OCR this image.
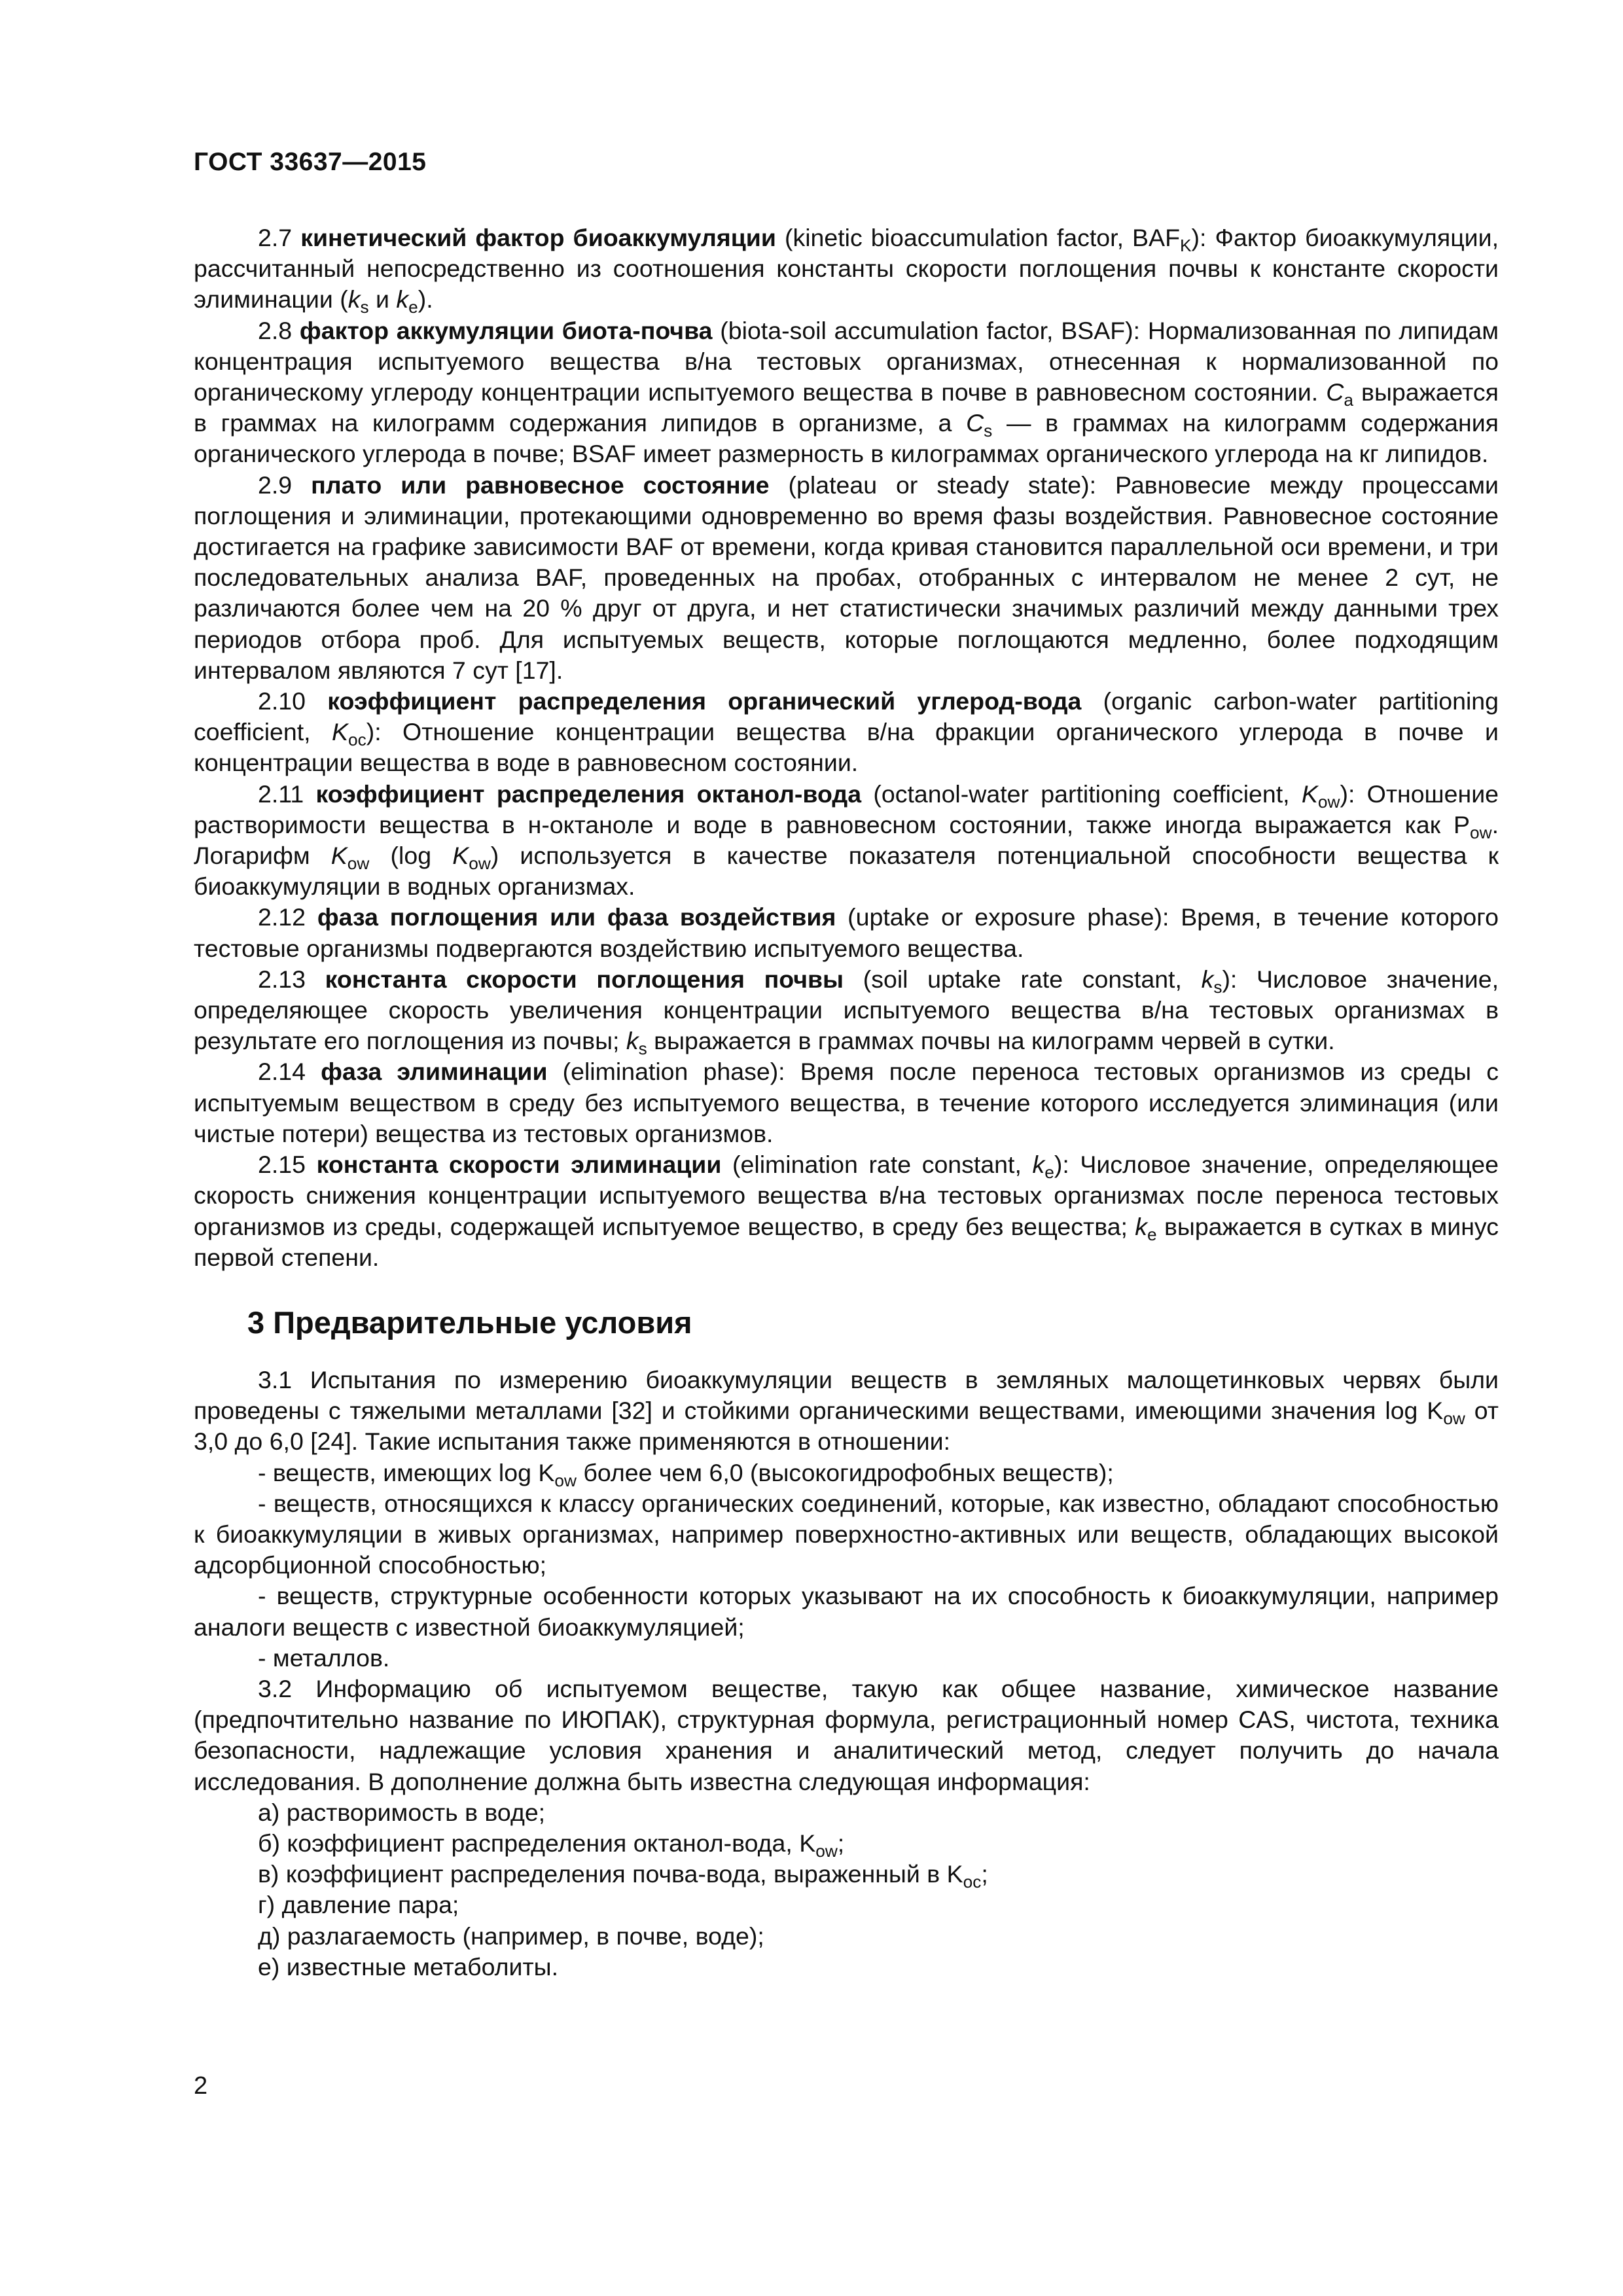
ГОСТ 33637—2015

2.7 кинетический фактор биоаккумуляции (kinetic bioaccumulation factor, $BAF_K$): Фактор биоаккумуляции, рассчитанный непосредственно из соотношения константы скорости поглощения почвы к константе скорости элиминации ($k_s$ и $k_e$).

2.8 фактор аккумуляции биота-почва (biota-soil accumulation factor, BSAF): Нормализованная по липидам концентрация испытуемого вещества в/на тестовых организмах, отнесенная к нормализованной по органическому углероду концентрации испытуемого вещества в почве в равновесном состоянии. $C_a$ выражается в граммах на килограмм содержания липидов в организме, а $C_s$ — в граммах на килограмм содержания органического углерода в почве; BSAF имеет размерность в килограммах органического углерода на кг липидов.

2.9 плато или равновесное состояние (plateau or steady state): Равновесие между процессами поглощения и элиминации, протекающими одновременно во время фазы воздействия. Равновесное состояние достигается на графике зависимости BAF от времени, когда кривая становится параллельной оси времени, и три последовательных анализа BAF, проведенных на пробах, отобранных с интервалом не менее 2 сут, не различаются более чем на 20 % друг от друга, и нет статистически значимых различий между данными трех периодов отбора проб. Для испытуемых веществ, которые поглощаются медленно, более подходящим интервалом являются 7 сут [17].

2.10 коэффициент распределения органический углерод-вода (organic carbon-water partitioning coefficient, $K_{oc}$): Отношение концентрации вещества в/на фракции органического углерода в почве и концентрации вещества в воде в равновесном состоянии.

2.11 коэффициент распределения октанол-вода (octanol-water partitioning coefficient, $K_{ow}$): Отношение растворимости вещества в н-октаноле и воде в равновесном состоянии, также иногда выражается как $P_{ow}$. Логарифм $K_{ow}$ (log $K_{ow}$) используется в качестве показателя потенциальной способности вещества к биоаккумуляции в водных организмах.

2.12 фаза поглощения или фаза воздействия (uptake or exposure phase): Время, в течение которого тестовые организмы подвергаются воздействию испытуемого вещества.

2.13 константа скорости поглощения почвы (soil uptake rate constant, $k_s$): Числовое значение, определяющее скорость увеличения концентрации испытуемого вещества в/на тестовых организмах в результате его поглощения из почвы; $k_s$ выражается в граммах почвы на килограмм червей в сутки.

2.14 фаза элиминации (elimination phase): Время после переноса тестовых организмов из среды с испытуемым веществом в среду без испытуемого вещества, в течение которого исследуется элиминация (или чистые потери) вещества из тестовых организмов.

2.15 константа скорости элиминации (elimination rate constant, $k_e$): Числовое значение, определяющее скорость снижения концентрации испытуемого вещества в/на тестовых организмах после переноса тестовых организмов из среды, содержащей испытуемое вещество, в среду без вещества; $k_e$ выражается в сутках в минус первой степени.

3 Предварительные условия

3.1 Испытания по измерению биоаккумуляции веществ в земляных малощетинковых червях были проведены с тяжелыми металлами [32] и стойкими органическими веществами, имеющими значения $\log K_{ow}$ от 3,0 до 6,0 [24]. Такие испытания также применяются в отношении:

- веществ, имеющих $\log K_{ow}$ более чем 6,0 (высокогидрофобных веществ);

- веществ, относящихся к классу органических соединений, которые, как известно, обладают способностью к биоаккумуляции в живых организмах, например поверхностно-активных или веществ, обладающих высокой адсорбционной способностью;

- веществ, структурные особенности которых указывают на их способность к биоаккумуляции, например аналоги веществ с известной биоаккумуляцией;

- металлов.

3.2 Информацию об испытуемом веществе, такую как общее название, химическое название (предпочтительно название по ИЮПАК), структурная формула, регистрационный номер CAS, чистота, техника безопасности, надлежащие условия хранения и аналитический метод, следует получить до начала исследования. В дополнение должна быть известна следующая информация:

а) растворимость в воде;

б) коэффициент распределения октанол-вода, $K_{ow}$;

в) коэффициент распределения почва-вода, выраженный в $K_{oc}$;

г) давление пара;

д) разлагаемость (например, в почве, воде);

е) известные метаболиты.

2
